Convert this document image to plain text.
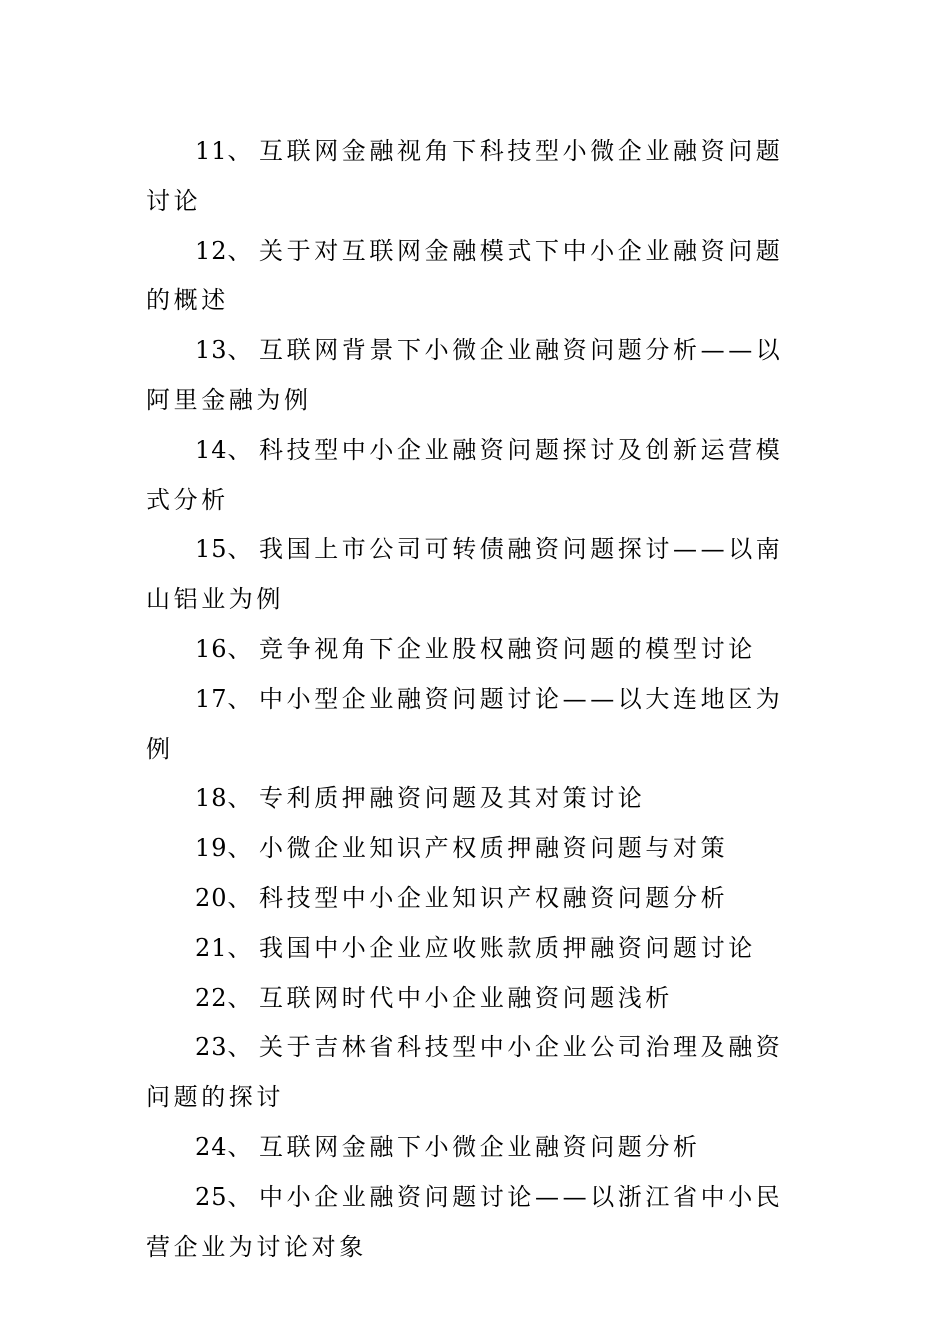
11、 互联网金融视角下科技型小微企业融资问题讨论

12、 关于对互联网金融模式下中小企业融资问题的概述

13、 互联网背景下小微企业融资问题分析——以阿里金融为例

14、 科技型中小企业融资问题探讨及创新运营模式分析

15、 我国上市公司可转债融资问题探讨——以南山铝业为例

16、 竞争视角下企业股权融资问题的模型讨论

17、 中小型企业融资问题讨论——以大连地区为例

18、 专利质押融资问题及其对策讨论

19、 小微企业知识产权质押融资问题与对策

20、 科技型中小企业知识产权融资问题分析

21、 我国中小企业应收账款质押融资问题讨论

22、 互联网时代中小企业融资问题浅析

23、 关于吉林省科技型中小企业公司治理及融资问题的探讨

24、 互联网金融下小微企业融资问题分析

25、 中小企业融资问题讨论——以浙江省中小民营企业为讨论对象
